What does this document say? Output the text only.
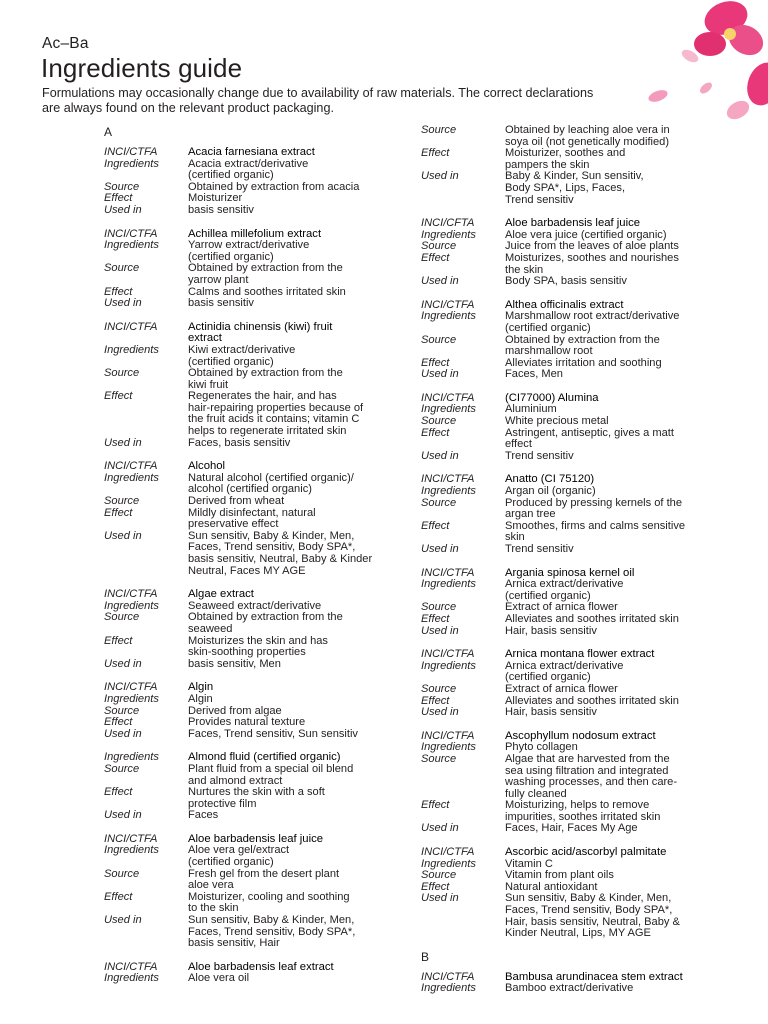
Ac–Ba
Ingredients guide
Formulations may occasionally change due to availability of raw materials. The correct declarations are always found on the relevant product packaging.
A
INCI/CTFA	Acacia farnesiana extract
Ingredients	Acacia extract/derivative
(certified organic)
Source	Obtained by extraction from acacia
Effect	Moisturizer
Used in	basis sensitiv
INCI/CTFA	Achillea millefolium extract
Ingredients	Yarrow extract/derivative
(certified organic)
Source	Obtained by extraction from the
yarrow plant
Effect	Calms and soothes irritated skin
Used in	basis sensitiv
INCI/CTFA	Actinidia chinensis (kiwi) fruit
extract
Ingredients	Kiwi extract/derivative
(certified organic)
Source	Obtained by extraction from the
kiwi fruit
Effect	Regenerates the hair, and has
hair-repairing properties because of
the fruit acids it contains; vitamin C
helps to regenerate irritated skin
Used in	Faces, basis sensitiv
INCI/CTFA	Alcohol
Ingredients	Natural alcohol (certified organic)/
alcohol (certified organic)
Source	Derived from wheat
Effect	Mildly disinfectant, natural
preservative effect
Used in	Sun sensitiv, Baby & Kinder, Men,
Faces, Trend sensitiv, Body SPA*,
basis sensitiv, Neutral, Baby & Kinder
Neutral, Faces MY AGE
INCI/CTFA	Algae extract
Ingredients	Seaweed extract/derivative
Source	Obtained by extraction from the
seaweed
Effect	Moisturizes the skin and has
skin-soothing properties
Used in	basis sensitiv, Men
INCI/CTFA	Algin
Ingredients	Algin
Source	Derived from algae
Effect	Provides natural texture
Used in	Faces, Trend sensitiv, Sun sensitiv
Ingredients	Almond fluid (certified organic)
Source	Plant fluid from a special oil blend
and almond extract
Effect	Nurtures the skin with a soft
protective film
Used in	Faces
INCI/CTFA	Aloe barbadensis leaf juice
Ingredients	Aloe vera gel/extract
(certified organic)
Source	Fresh gel from the desert plant
aloe vera
Effect	Moisturizer, cooling and soothing
to the skin
Used in	Sun sensitiv, Baby & Kinder, Men,
Faces, Trend sensitiv, Body SPA*,
basis sensitiv, Hair
INCI/CTFA	Aloe barbadensis leaf extract
Ingredients	Aloe vera oil
Source	Obtained by leaching aloe vera in
soya oil (not genetically modified)
Effect	Moisturizer, soothes and
pampers the skin
Used in	Baby & Kinder, Sun sensitiv,
Body SPA*, Lips, Faces,
Trend sensitiv
INCI/CFTA	Aloe barbadensis leaf juice
Ingredients	Aloe vera juice (certified organic)
Source	Juice from the leaves of aloe plants
Effect	Moisturizes, soothes and nourishes
the skin
Used in	Body SPA, basis sensitiv
INCI/CTFA	Althea officinalis extract
Ingredients	Marshmallow root extract/derivative
(certified organic)
Source	Obtained by extraction from the
marshmallow root
Effect	Alleviates irritation and soothing
Used in	Faces, Men
INCI/CTFA	(CI77000) Alumina
Ingredients	Aluminium
Source	White precious metal
Effect	Astringent, antiseptic, gives a matt
effect
Used in	Trend sensitiv
INCI/CTFA	Anatto (CI 75120)
Ingredients	Argan oil (organic)
Source	Produced by pressing kernels of the
argan tree
Effect	Smoothes, firms and calms sensitive
skin
Used in	Trend sensitiv
INCI/CTFA	Argania spinosa kernel oil
Ingredients	Arnica extract/derivative
(certified organic)
Source	Extract of arnica flower
Effect	Alleviates and soothes irritated skin
Used in	Hair, basis sensitiv
INCI/CTFA	Arnica montana flower extract
Ingredients	Arnica extract/derivative
(certified organic)
Source	Extract of arnica flower
Effect	Alleviates and soothes irritated skin
Used in	Hair, basis sensitiv
INCI/CTFA	Ascophyllum nodosum extract
Ingredients	Phyto collagen
Source	Algae that are harvested from the
sea using filtration and integrated
washing processes, and then care-
fully cleaned
Effect	Moisturizing, helps to remove
impurities, soothes irritated skin
Used in	Faces, Hair, Faces My Age
INCI/CTFA	Ascorbic acid/ascorbyl palmitate
Ingredients	Vitamin C
Source	Vitamin from plant oils
Effect	Natural antioxidant
Used in	Sun sensitiv, Baby & Kinder, Men,
Faces, Trend sensitiv, Body SPA*,
Hair, basis sensitiv, Neutral, Baby &
Kinder Neutral, Lips, MY AGE
B
INCI/CTFA	Bambusa arundinacea stem extract
Ingredients	Bamboo extract/derivative
